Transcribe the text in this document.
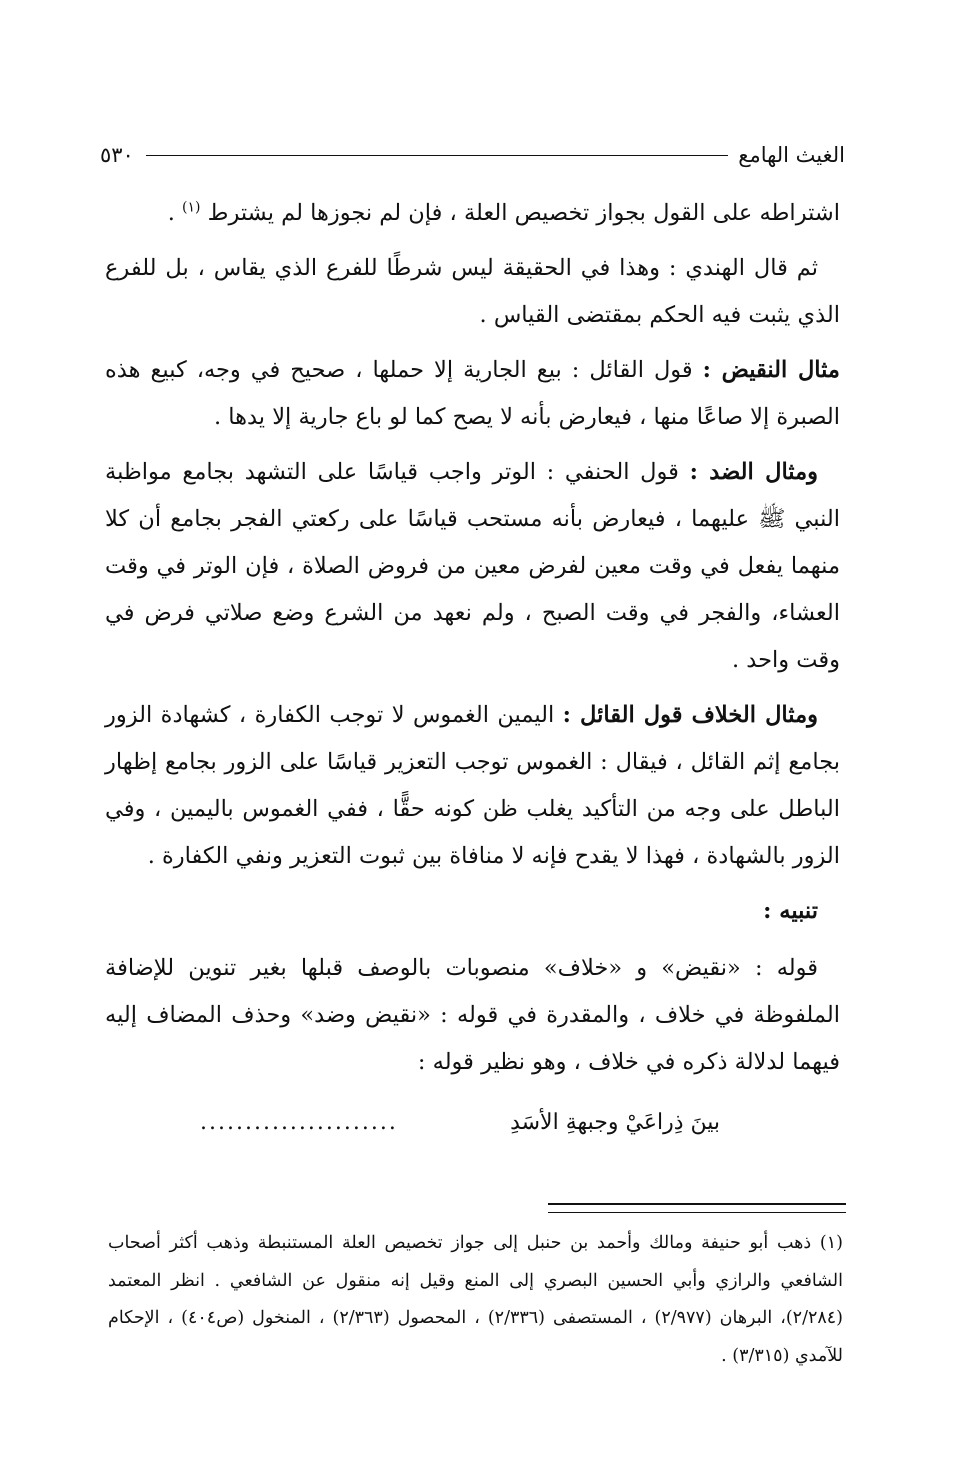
الغيث الهامع
٥٣٠

اشتراطه على القول بجواز تخصيص العلة ، فإن لم نجوزها لم يشترط $^{(١)}$ .

ثم قال الهندي : وهذا في الحقيقة ليس شرطًا للفرع الذي يقاس ، بل للفرع الذي يثبت فيه الحكم بمقتضى القياس .

مثال النقيض : قول القائل : بيع الجارية إلا حملها ، صحيح في وجه، كبيع هذه الصبرة إلا صاعًا منها ، فيعارض بأنه لا يصح كما لو باع جارية إلا يدها .

ومثال الضد : قول الحنفي : الوتر واجب قياسًا على التشهد بجامع مواظبة النبي ﷺ عليهما ، فيعارض بأنه مستحب قياسًا على ركعتي الفجر بجامع أن كلا منهما يفعل في وقت معين لفرض معين من فروض الصلاة ، فإن الوتر في وقت العشاء، والفجر في وقت الصبح ، ولم نعهد من الشرع وضع صلاتي فرض في وقت واحد .

ومثال الخلاف قول القائل : اليمين الغموس لا توجب الكفارة ، كشهادة الزور بجامع إثم القائل ، فيقال : الغموس توجب التعزير قياسًا على الزور بجامع إظهار الباطل على وجه من التأكيد يغلب ظن كونه حقًّا ، ففي الغموس باليمين ، وفي الزور بالشهادة ، فهذا لا يقدح فإنه لا منافاة بين ثبوت التعزير ونفي الكفارة .

تنبيه :

قوله : «نقيض» و «خلاف» منصوبات بالوصف قبلها بغير تنوين للإضافة الملفوظة في خلاف ، والمقدرة في قوله : «نقيض وضد» وحذف المضاف إليه فيهما لدلالة ذكره في خلاف ، وهو نظير قوله :

بينَ ذِراعَيْ وجبهةِ الأسَدِ
......................

(١) ذهب أبو حنيفة ومالك وأحمد بن حنبل إلى جواز تخصيص العلة المستنبطة وذهب أكثر أصحاب الشافعي والرازي وأبي الحسين البصري إلى المنع وقيل إنه منقول عن الشافعي . انظر المعتمد (٢/٢٨٤)، البرهان (٢/٩٧٧) ، المستصفى (٢/٣٣٦) ، المحصول (٢/٣٦٣) ، المنخول (ص٤٠٤) ، الإحكام للآمدي (٣/٣١٥) .
